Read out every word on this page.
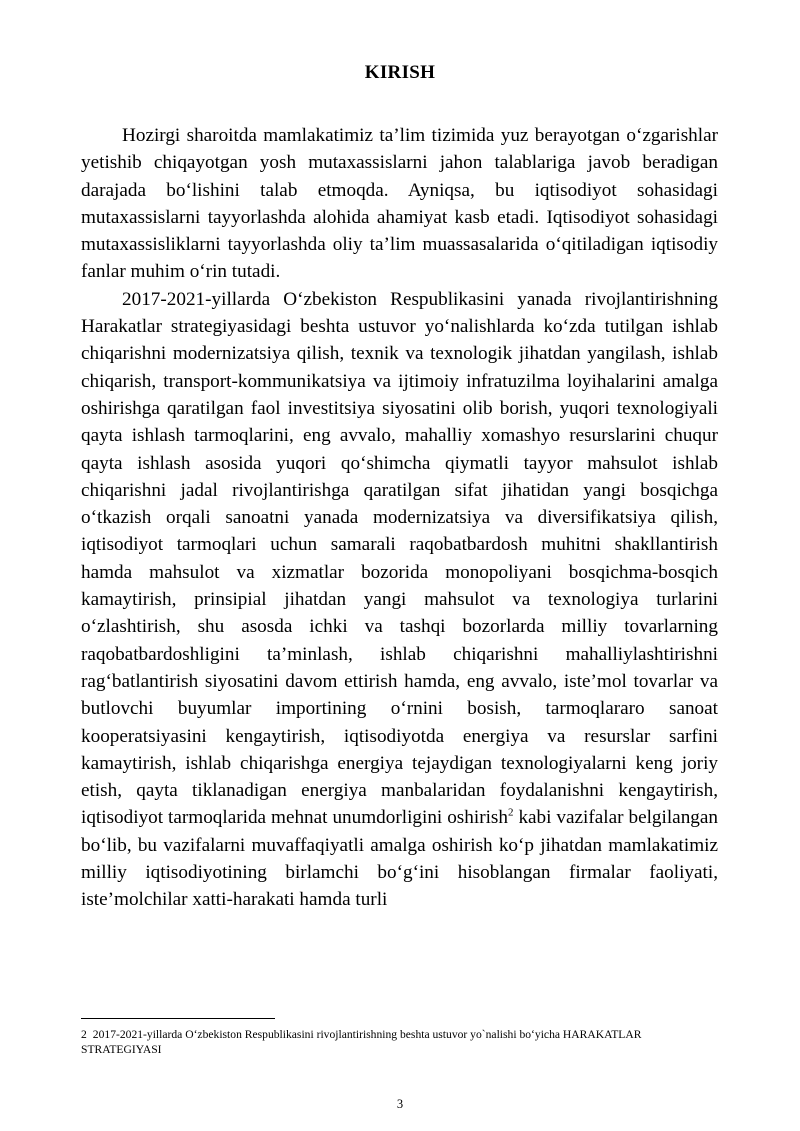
KIRISH

Hozirgi sharoitda mamlakatimiz ta’lim tizimida yuz berayotgan o‘zgarishlar yetishib chiqayotgan yosh mutaxassislarni jahon talablariga javob beradigan darajada bo‘lishini talab etmoqda. Ayniqsa, bu iqtisodiyot sohasidagi mutaxassislarni tayyorlashda alohida ahamiyat kasb etadi. Iqtisodiyot sohasidagi mutaxassisliklarni tayyorlashda oliy ta’lim muassasalarida o‘qitiladigan iqtisodiy fanlar muhim o‘rin tutadi.

2017-2021-yillarda O‘zbekiston Respublikasini yanada rivojlantirishning Harakatlar strategiyasidagi beshta ustuvor yo‘nalishlarda ko‘zda tutilgan ishlab chiqarishni modernizatsiya qilish, texnik va texnologik jihatdan yangilash, ishlab chiqarish, transport-kommunikatsiya va ijtimoiy infratuzilma loyihalarini amalga oshirishga qaratilgan faol investitsiya siyosatini olib borish, yuqori texnologiyali qayta ishlash tarmoqlarini, eng avvalo, mahalliy xomashyo resurslarini chuqur qayta ishlash asosida yuqori qo‘shimcha qiymatli tayyor mahsulot ishlab chiqarishni jadal rivojlantirishga qaratilgan sifat jihatidan yangi bosqichga o‘tkazish orqali sanoatni yanada modernizatsiya va diversifikatsiya qilish, iqtisodiyot tarmoqlari uchun samarali raqobatbardosh muhitni shakllantirish hamda mahsulot va xizmatlar bozorida monopoliyani bosqichma-bosqich kamaytirish, prinsipial jihatdan yangi mahsulot va texnologiya turlarini o‘zlashtirish, shu asosda ichki va tashqi bozorlarda milliy tovarlarning raqobatbardoshligini ta’minlash, ishlab chiqarishni mahalliylashtirishni rag‘batlantirish siyosatini davom ettirish hamda, eng avvalo, iste’mol tovarlar va butlovchi buyumlar importining o‘rnini bosish, tarmoqlararo sanoat kooperatsiyasini kengaytirish, iqtisodiyotda energiya va resurslar sarfini kamaytirish, ishlab chiqarishga energiya tejaydigan texnologiyalarni keng joriy etish, qayta tiklanadigan energiya manbalaridan foydalanishni kengaytirish, iqtisodiyot tarmoqlarida mehnat unumdorligini oshirish$^2$ kabi vazifalar belgilangan bo‘lib, bu vazifalarni muvaffaqiyatli amalga oshirish ko‘p jihatdan mamlakatimiz milliy iqtisodiyotining birlamchi bo‘g‘ini hisoblangan firmalar faoliyati, iste’molchilar xatti-harakati hamda turli

2 2017-2021-yillarda O‘zbekiston Respublikasini rivojlantirishning beshta ustuvor yo`nalishi bo‘yicha HARAKATLAR STRATEGIYASI
3
